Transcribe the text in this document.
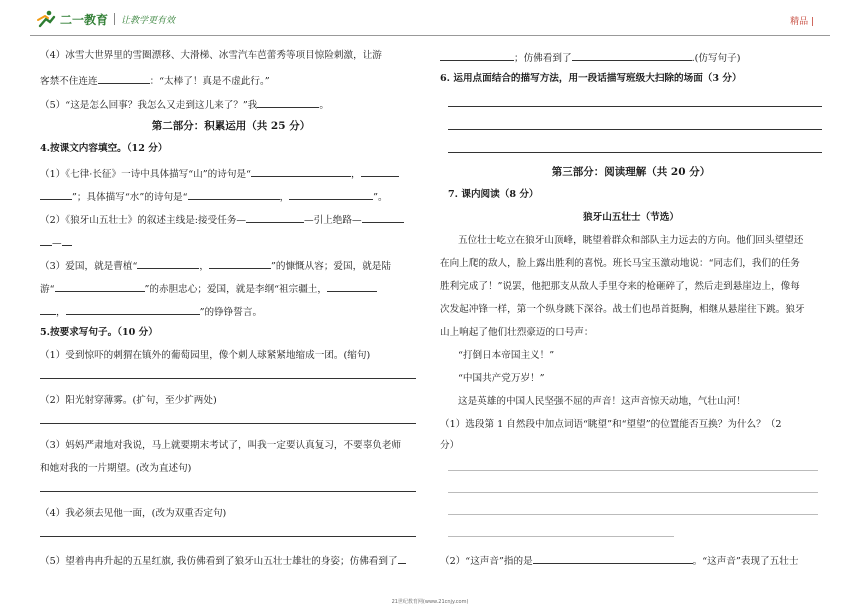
二一教育 让教学更有效	精品 |
（4）冰雪大世界里的雪圈漂移、大滑梯、冰雪汽车芭蕾秀等项目惊险刺激，让游
客禁不住连连	：“太棒了！真是不虚此行。”
（5）“这是怎么回事？我怎么又走到这儿来了？”我	。
第二部分：积累运用（共 25 分）
4.按课文内容填空。（12 分）
（1）《七律·长征》一诗中具体描写“山”的诗句是“	，
”；具体描写“水”的诗句是“	，	”。
（2）《狼牙山五壮士》的叙述主线是:接受任务—	—引上绝路—
—
（3）爱国，就是曹植“	，	”的慷慨从容；爱国，就是陆
游“	”的赤胆忠心；爱国，就是李纲“祖宗疆土，
，	”的铮铮誓言。
5.按要求写句子。（10 分）
（1）受到惊吓的刺猬在镇外的葡萄园里，像个刺人球紧紧地缩成一团。(缩句)
（2）阳光射穿薄雾。(扩句，至少扩两处)
（3）妈妈严肃地对我说，马上就要期末考试了，叫我一定要认真复习，不要辜负老师
和她对我的一片期望。(改为直述句)
（4）我必须去见他一面，(改为双重否定句)
（5）望着冉冉升起的五星红旗, 我仿佛看到了狼牙山五壮士雄壮的身姿；仿佛看到了
；仿佛看到了	.(仿写句子)
6. 运用点面结合的描写方法，用一段话描写班级大扫除的场面（3 分）
第三部分：阅读理解（共 20 分）
7. 课内阅读（8 分）
狼牙山五壮士（节选）
五位壮士屹立在狼牙山顶峰，眺望着群众和部队主力远去的方向。他们回头望望还
在向上爬的敌人，脸上露出胜利的喜悦。班长马宝玉激动地说：“同志们，我们的任务
胜利完成了！”说罢，他把那支从敌人手里夺来的枪砸碎了，然后走到悬崖边上，像每
次发起冲锋一样，第一个纵身跳下深谷。战士们也昂首挺胸，相继从悬崖往下跳。狼牙
山上响起了他们壮烈豪迈的口号声：
“打倒日本帝国主义！”
“中国共产党万岁！”
这是英雄的中国人民坚强不屈的声音！这声音惊天动地，气壮山河！
（1）选段第 1 自然段中加点词语“眺望”和“望望”的位置能否互换？为什么？（2
分）
（2）“这声音”指的是	。“这声音”表现了五壮士
21世纪教育网(www.21cnjy.com)
